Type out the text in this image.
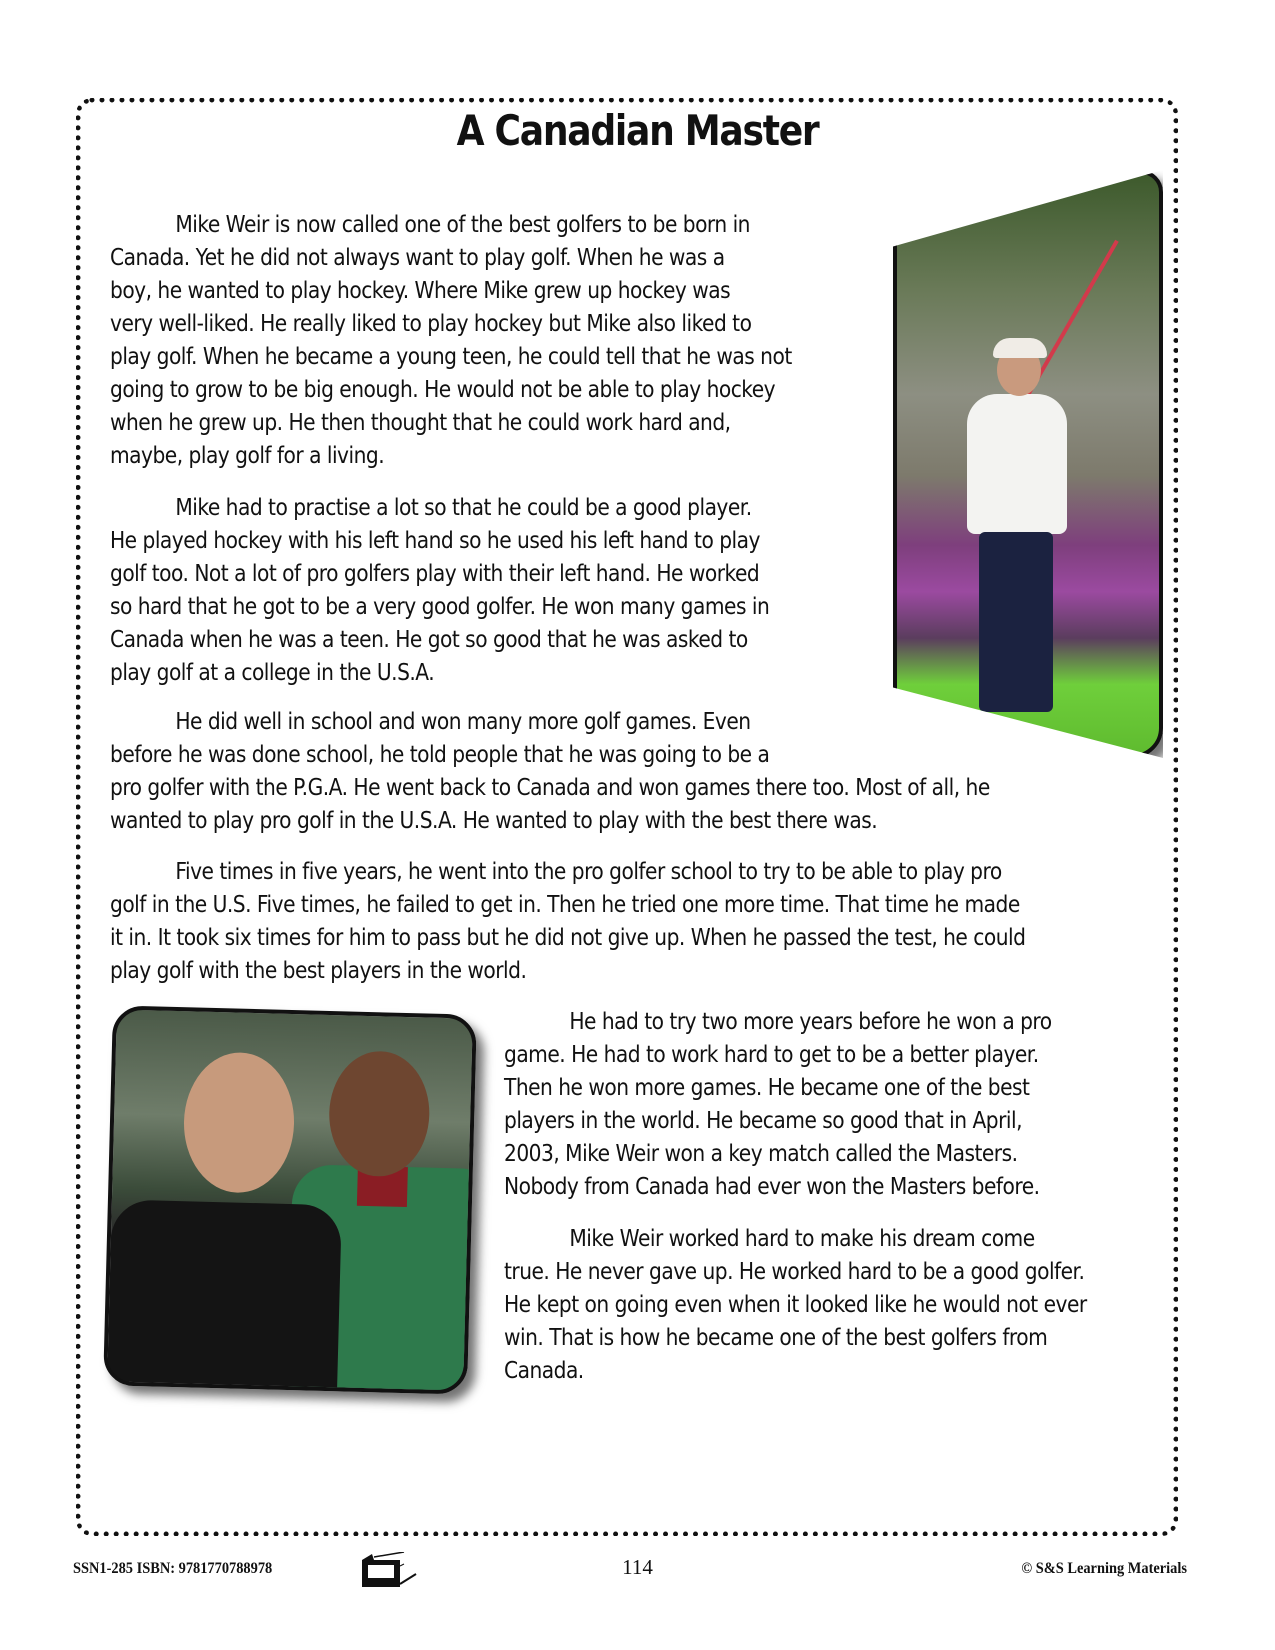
A Canadian Master
Mike Weir is now called one of the best golfers to be born in
Canada. Yet he did not always want to play golf. When he was a
boy, he wanted to play hockey. Where Mike grew up hockey was
very well-liked. He really liked to play hockey but Mike also liked to
play golf. When he became a young teen, he could tell that he was not
going to grow to be big enough. He would not be able to play hockey
when he grew up. He then thought that he could work hard and,
maybe, play golf for a living.
Mike had to practise a lot so that he could be a good player.
He played hockey with his left hand so he used his left hand to play
golf too. Not a lot of pro golfers play with their left hand. He worked
so hard that he got to be a very good golfer. He won many games in
Canada when he was a teen. He got so good that he was asked to
play golf at a college in the U.S.A.
He did well in school and won many more golf games. Even
before he was done school, he told people that he was going to be a
pro golfer with the P.G.A. He went back to Canada and won games there too. Most of all, he
wanted to play pro golf in the U.S.A. He wanted to play with the best there was.
Five times in five years, he went into the pro golfer school to try to be able to play pro
golf in the U.S. Five times, he failed to get in. Then he tried one more time. That time he made
it in. It took six times for him to pass but he did not give up. When he passed the test, he could
play golf with the best players in the world.
He had to try two more years before he won a pro
game. He had to work hard to get to be a better player.
Then he won more games. He became one of the best
players in the world. He became so good that in April,
2003, Mike Weir won a key match called the Masters.
Nobody from Canada had ever won the Masters before.
Mike Weir worked hard to make his dream come
true. He never gave up. He worked hard to be a good golfer.
He kept on going even when it looked like he would not ever
win. That is how he became one of the best golfers from
Canada.
SSN1-285 ISBN: 9781770788978	114	© S&S Learning Materials
